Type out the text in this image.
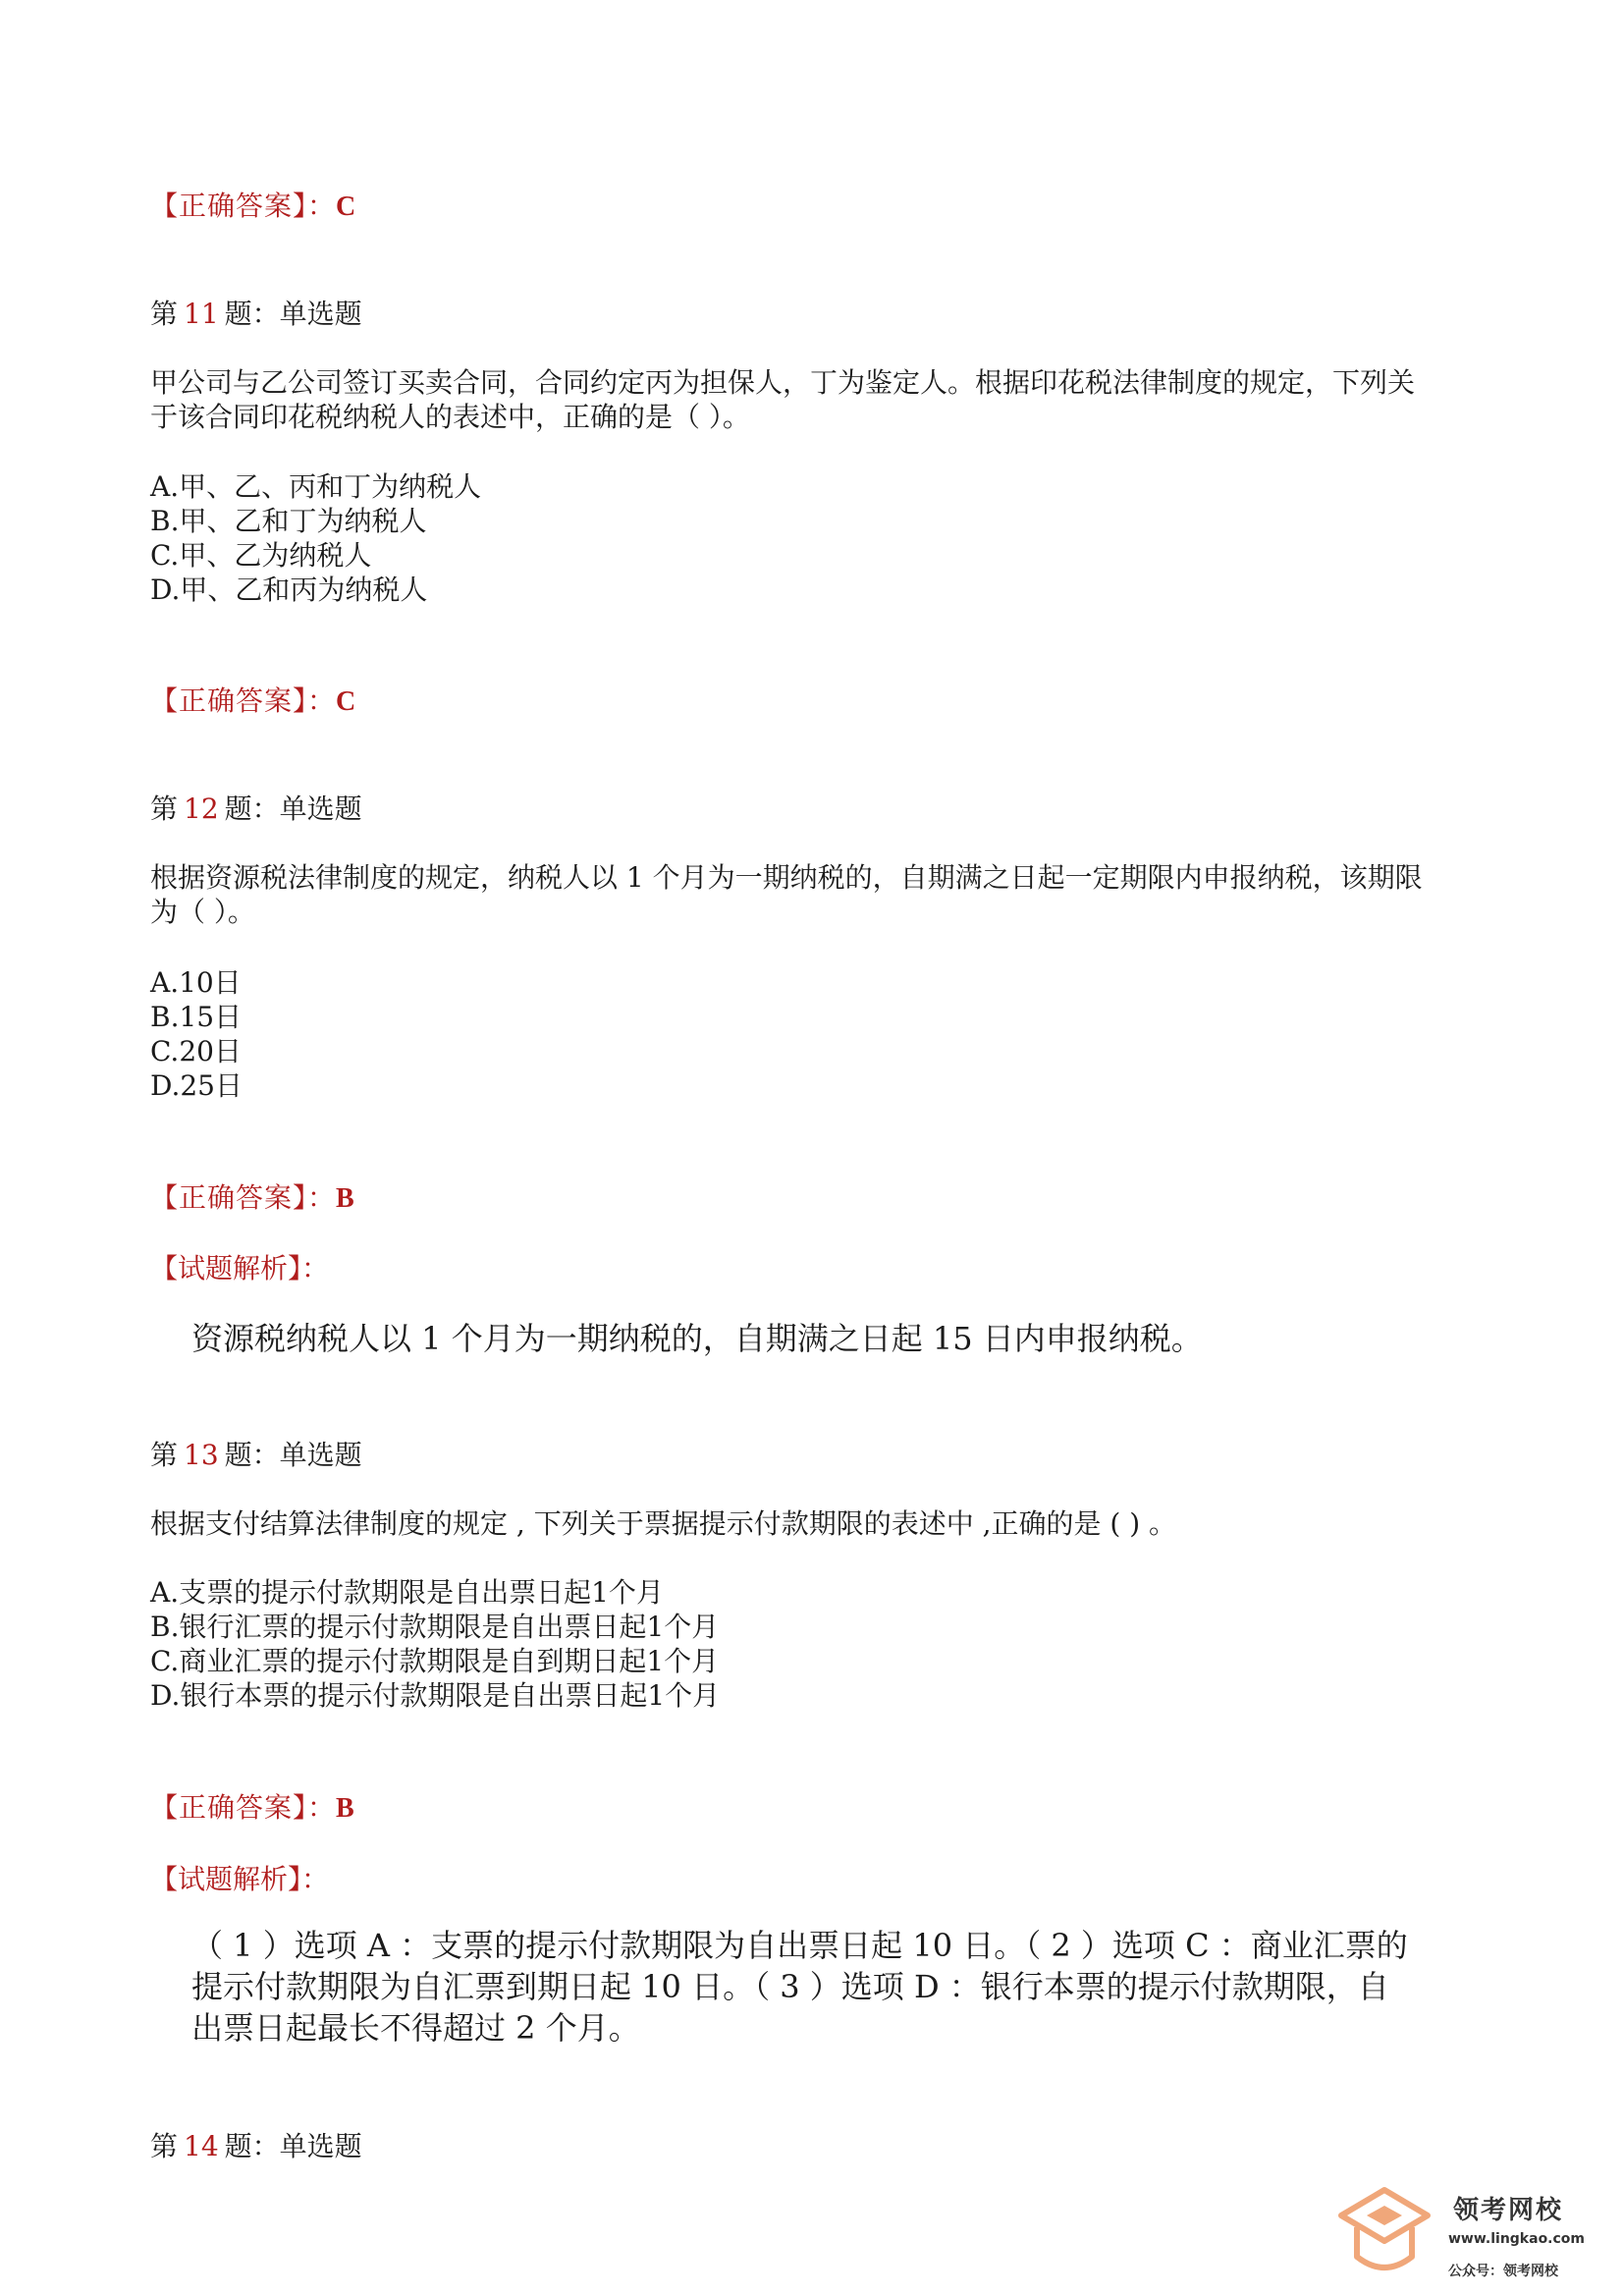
【正确答案】：C
第 11 题：单选题
甲公司与乙公司签订买卖合同，合同约定丙为担保人，丁为鉴定人。根据印花税法律制度的规定，下列关
于该合同印花税纳税人的表述中，正确的是（ ）。
A.甲、乙、丙和丁为纳税人
B.甲、乙和丁为纳税人
C.甲、乙为纳税人
D.甲、乙和丙为纳税人
【正确答案】：C
第 12 题：单选题
根据资源税法律制度的规定，纳税人以 1 个月为一期纳税的，自期满之日起一定期限内申报纳税，该期限
为（ ）。
A.10日
B.15日
C.20日
D.25日
【正确答案】：B
【试题解析】：
资源税纳税人以 1 个月为一期纳税的，自期满之日起 15 日内申报纳税。
第 13 题：单选题
根据支付结算法律制度的规定 , 下列关于票据提示付款期限的表述中 ,正确的是 ( ) 。
A.支票的提示付款期限是自出票日起1个月
B.银行汇票的提示付款期限是自出票日起1个月
C.商业汇票的提示付款期限是自到期日起1个月
D.银行本票的提示付款期限是自出票日起1个月
【正确答案】：B
【试题解析】：
（ 1 ）选项 A ：支票的提示付款期限为自出票日起 10 日。（ 2 ）选项 C ：商业汇票的
提示付款期限为自汇票到期日起 10 日。（ 3 ）选项 D ：银行本票的提示付款期限，自
出票日起最长不得超过 2 个月。
第 14 题：单选题
领考网校
www.lingkao.com
公众号：领考网校
